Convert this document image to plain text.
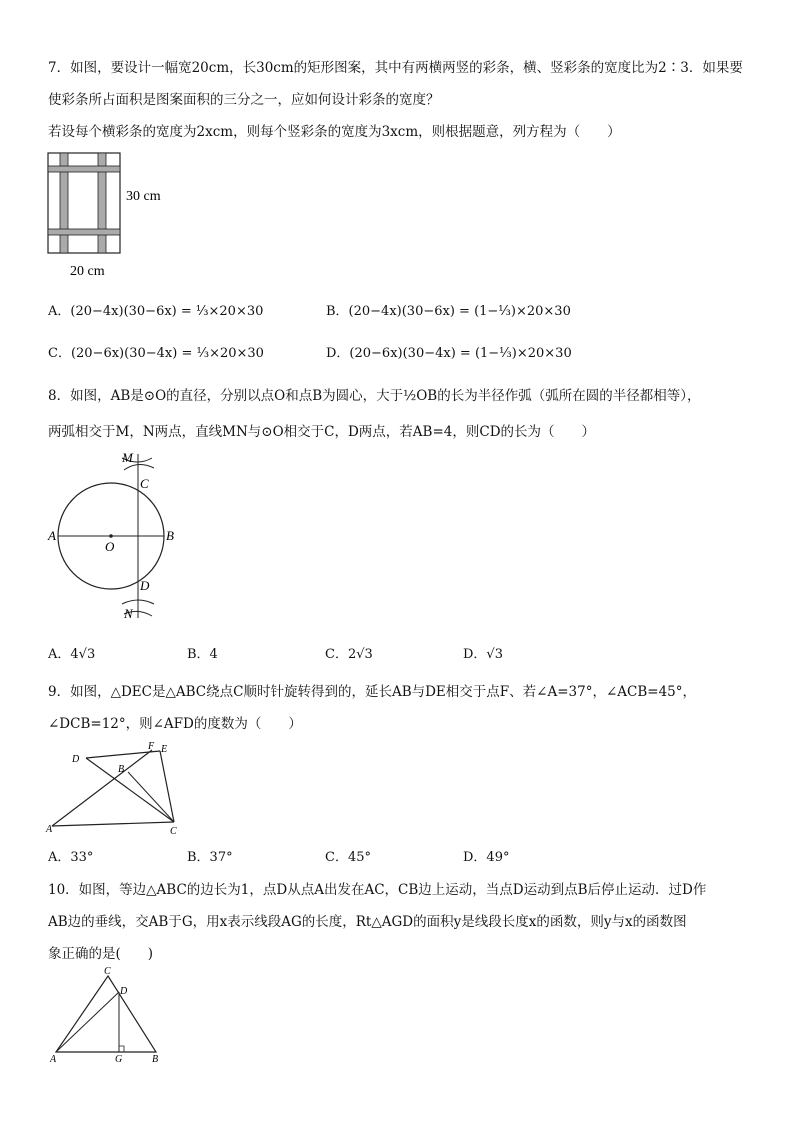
7．如图，要设计一幅宽20cm，长30cm的矩形图案，其中有两横两竖的彩条，横、竖彩条的宽度比为2∶3．如果要
使彩条所占面积是图案面积的三分之一，应如何设计彩条的宽度？
若设每个横彩条的宽度为2xcm，则每个竖彩条的宽度为3xcm，则根据题意，列方程为（　　）
30 cm
20 cm
A．(20−4x)(30−6x) = ⅓×20×30	B．(20−4x)(30−6x) = (1−⅓)×20×30
C．(20−6x)(30−4x) = ⅓×20×30	D．(20−6x)(30−4x) = (1−⅓)×20×30
8．如图，AB是⊙O的直径，分别以点O和点B为圆心，大于½OB的长为半径作弧（弧所在圆的半径都相等），
两弧相交于M，N两点，直线MN与⊙O相交于C，D两点，若AB=4，则CD的长为（　　）
M
C
A
O
B
D
N
A．4√3	B．4	C．2√3	D．√3
9．如图，△DEC是△ABC绕点C顺时针旋转得到的，延长AB与DE相交于点F、若∠A=37°，∠ACB=45°，
∠DCB=12°，则∠AFD的度数为（　　）
D
F E
B
A	C
A．33°	B．37°	C．45°	D．49°
10．如图，等边△ABC的边长为1，点D从点A出发在AC，CB边上运动，当点D运动到点B后停止运动．过D作
AB边的垂线，交AB于G，用x表示线段AG的长度，Rt△AGD的面积y是线段长度x的函数，则y与x的函数图
象正确的是(　　)
C
D
A	G	B
